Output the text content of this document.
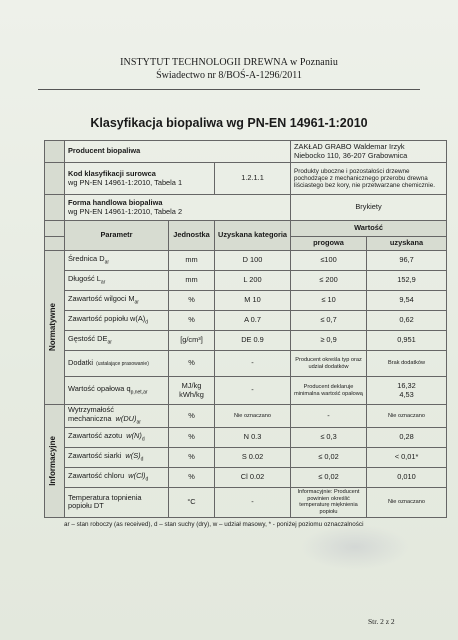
INSTYTUT TECHNOLOGII DREWNA w Poznaniu
Świadectwo nr 8/BOŚ-A-1296/2011
Klasyfikacja biopaliwa wg PN-EN 14961-1:2010
	Producent biopaliwa			ZAKŁAD GRABO Waldemar Irzyk
Niebocko 110, 36-207 Grabownica	
	Kod klasyfikacji surowca
wg PN-EN 14961-1:2010, Tabela 1		1.2.1.1	Produkty uboczne i pozostałości drzewne pochodzące z mechanicznego przerobu drewna liściastego bez kory, nie przetwarzane chemicznie.	
	Forma handlowa biopaliwa
wg PN-EN 14961-1:2010, Tabela 2			Brykiety	
	Parametr	Jednostka	Uzyskana kategoria	Wartość	
				progowa	uzyskana

Normatywne	Średnica $D_{ar}$	mm	D 100	≤100	96,7
	Długość $L_{ar}$	mm	L 200	≤ 200	152,9
	Zawartość wilgoci $M_{ar}$	%	M 10	≤ 10	9,54
	Zawartość popiołu $w(A)_d$	%	A 0.7	≤ 0,7	0,62
	Gęstość $DE_{ar}$	[g/cm³]	DE 0.9	≥ 0,9	0,951
	Dodatki (ustalające prasowanie)	%	-	Producent określa typ oraz udział dodatków	Brak dodatków
	Wartość opałowa $q_{p,net,ar}$	MJ/kg
kWh/kg	-	Producent deklaruje minimalna wartość opałową	16,32
4,53

Informacyjne	Wytrzymałość mechaniczna $w(DU)_{ar}$	%	Nie oznaczano	-	Nie oznaczano
	Zawartość azotu $w(N)_d$	%	N 0.3	≤ 0,3	0,28
	Zawartość siarki $w(S)_d$	%	S 0.02	≤ 0,02	< 0,01*
	Zawartość chloru $w(Cl)_d$	%	Cl 0.02	≤ 0,02	0,010
	Temperatura topnienia popiołu DT	°C	-	Informacyjnie: Producent powinien określić temperaturę mięknienia popiołu	Nie oznaczano
ar – stan roboczy (as received), d – stan suchy (dry), w – udział masowy, * - poniżej poziomu oznaczalności
Str. 2 z 2
